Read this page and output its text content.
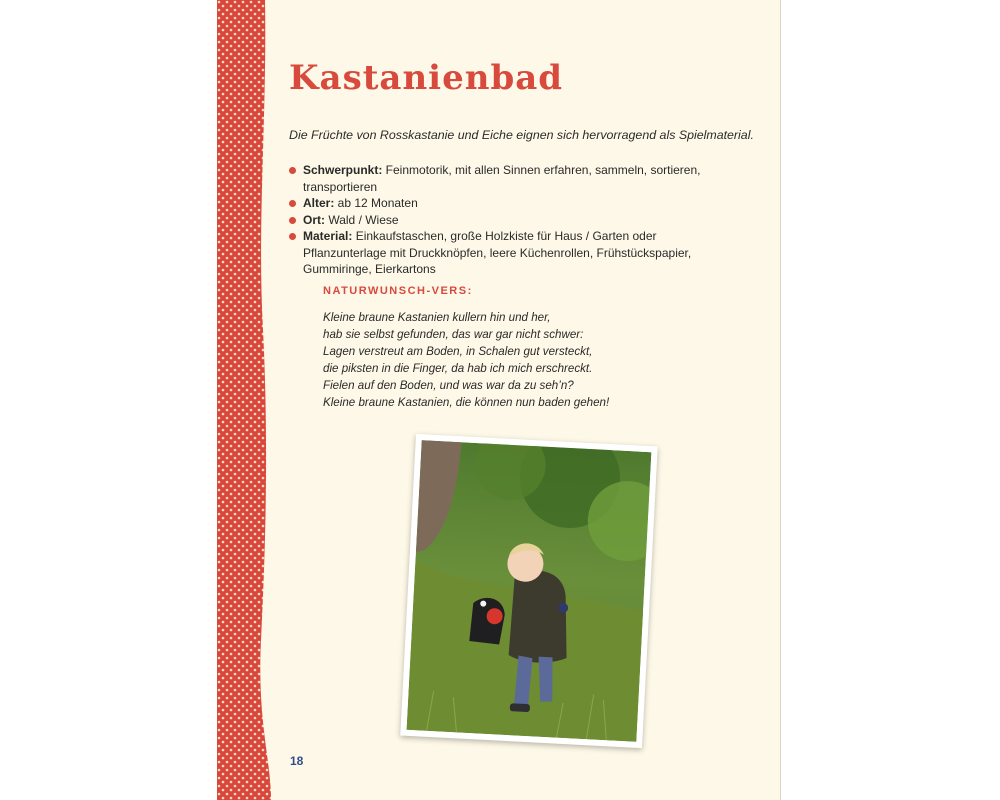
Kastanienbad

Die Früchte von Rosskastanie und Eiche eignen sich hervorragend als Spielmaterial.

Schwerpunkt: Feinmotorik, mit allen Sinnen erfahren, sammeln, sortieren, transportieren
Alter: ab 12 Monaten
Ort: Wald / Wiese
Material: Einkaufstaschen, große Holzkiste für Haus / Garten oder Pflanzunterlage mit Druckknöpfen, leere Küchenrollen, Frühstückspapier, Gummiringe, Eierkartons
NATURWUNSCH-VERS:

Kleine braune Kastanien kullern hin und her,
hab sie selbst gefunden, das war gar nicht schwer:
Lagen verstreut am Boden, in Schalen gut versteckt,
die piksten in die Finger, da hab ich mich erschreckt.
Fielen auf den Boden, und was war da zu seh’n?
Kleine braune Kastanien, die können nun baden gehen!

18
